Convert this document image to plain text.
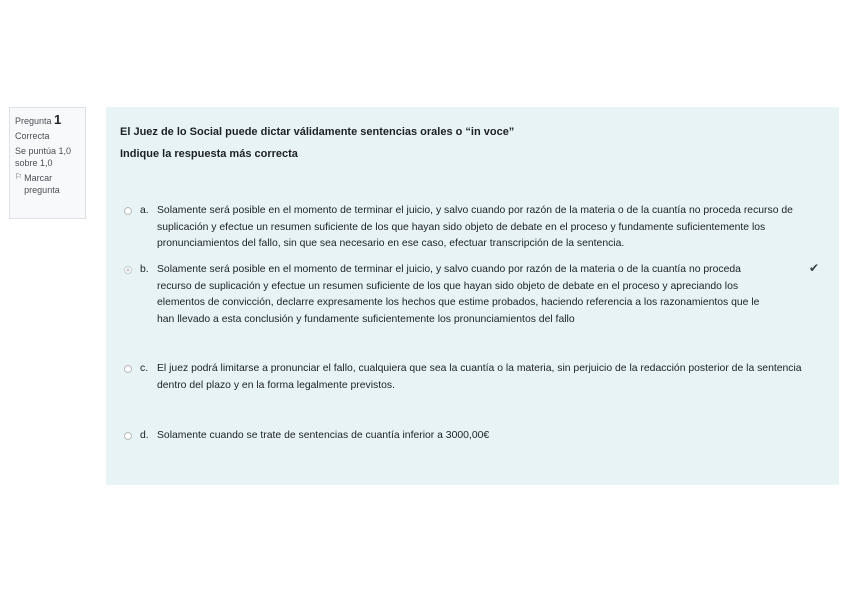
Pregunta 1
Correcta
Se puntúa 1,0
sobre 1,0
⚐ Marcar pregunta

El Juez de lo Social puede dictar válidamente sentencias orales o “in voce”

Indique la respuesta más correcta

a. Solamente será posible en el momento de terminar el juicio, y salvo cuando por razón de la materia o de la cuantía no proceda recurso de suplicación y efectue un resumen suficiente de los que hayan sido objeto de debate en el proceso y fundamente suficientemente los pronunciamientos del fallo, sin que sea necesario en ese caso, efectuar transcripción de la sentencia.
b. Solamente será posible en el momento de terminar el juicio, y salvo cuando por razón de la materia o de la cuantía no proceda recurso de suplicación y efectue un resumen suficiente de los que hayan sido objeto de debate en el proceso y apreciando los elementos de convicción, declarre expresamente los hechos que estime probados, haciendo referencia a los razonamientos que le han llevado a esta conclusión y fundamente suficientemente los pronunciamientos del fallo
✔
c. El juez podrá limitarse a pronunciar el fallo, cualquiera que sea la cuantía o la materia, sin perjuicio de la redacción posterior de la sentencia dentro del plazo y en la forma legalmente previstos.
d. Solamente cuando se trate de sentencias de cuantía inferior a 3000,00€
